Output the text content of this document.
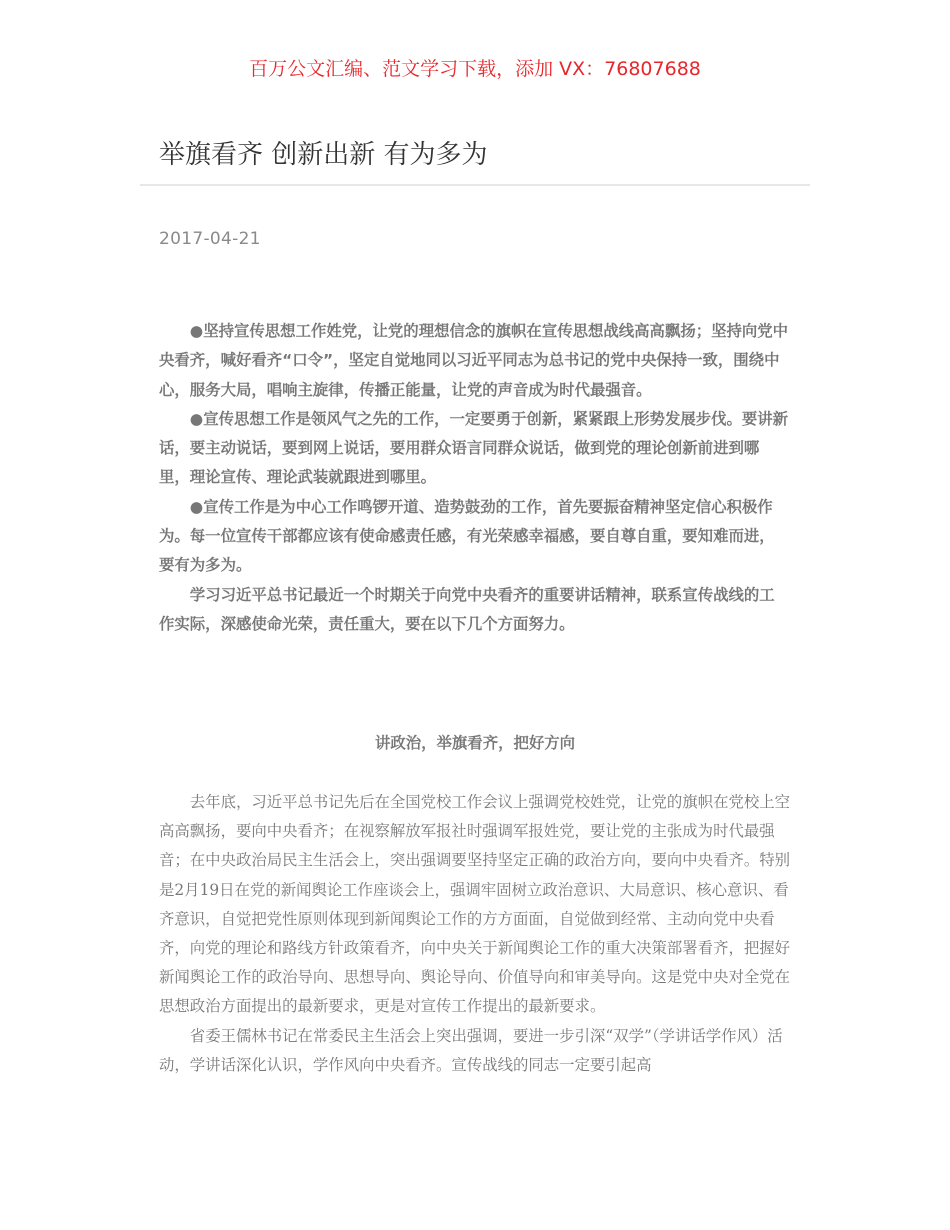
百万公文汇编、范文学习下载，添加 VX：76807688
举旗看齐 创新出新 有为多为
2017-04-21

●坚持宣传思想工作姓党，让党的理想信念的旗帜在宣传思想战线高高飘扬；坚持向党中央看齐，喊好看齐“口令”，坚定自觉地同以习近平同志为总书记的党中央保持一致，围绕中心，服务大局，唱响主旋律，传播正能量，让党的声音成为时代最强音。

●宣传思想工作是领风气之先的工作，一定要勇于创新，紧紧跟上形势发展步伐。要讲新话，要主动说话，要到网上说话，要用群众语言同群众说话，做到党的理论创新前进到哪里，理论宣传、理论武装就跟进到哪里。

●宣传工作是为中心工作鸣锣开道、造势鼓劲的工作，首先要振奋精神坚定信心积极作为。每一位宣传干部都应该有使命感责任感，有光荣感幸福感，要自尊自重，要知难而进，要有为多为。

学习习近平总书记最近一个时期关于向党中央看齐的重要讲话精神，联系宣传战线的工作实际，深感使命光荣，责任重大，要在以下几个方面努力。

讲政治，举旗看齐，把好方向

去年底，习近平总书记先后在全国党校工作会议上强调党校姓党，让党的旗帜在党校上空高高飘扬，要向中央看齐；在视察解放军报社时强调军报姓党，要让党的主张成为时代最强音；在中央政治局民主生活会上，突出强调要坚持坚定正确的政治方向，要向中央看齐。特别是2月19日在党的新闻舆论工作座谈会上，强调牢固树立政治意识、大局意识、核心意识、看齐意识，自觉把党性原则体现到新闻舆论工作的方方面面，自觉做到经常、主动向党中央看齐，向党的理论和路线方针政策看齐，向中央关于新闻舆论工作的重大决策部署看齐，把握好新闻舆论工作的政治导向、思想导向、舆论导向、价值导向和审美导向。这是党中央对全党在思想政治方面提出的最新要求，更是对宣传工作提出的最新要求。

省委王儒林书记在常委民主生活会上突出强调，要进一步引深“双学”（学讲话学作风）活动，学讲话深化认识，学作风向中央看齐。宣传战线的同志一定要引起高
